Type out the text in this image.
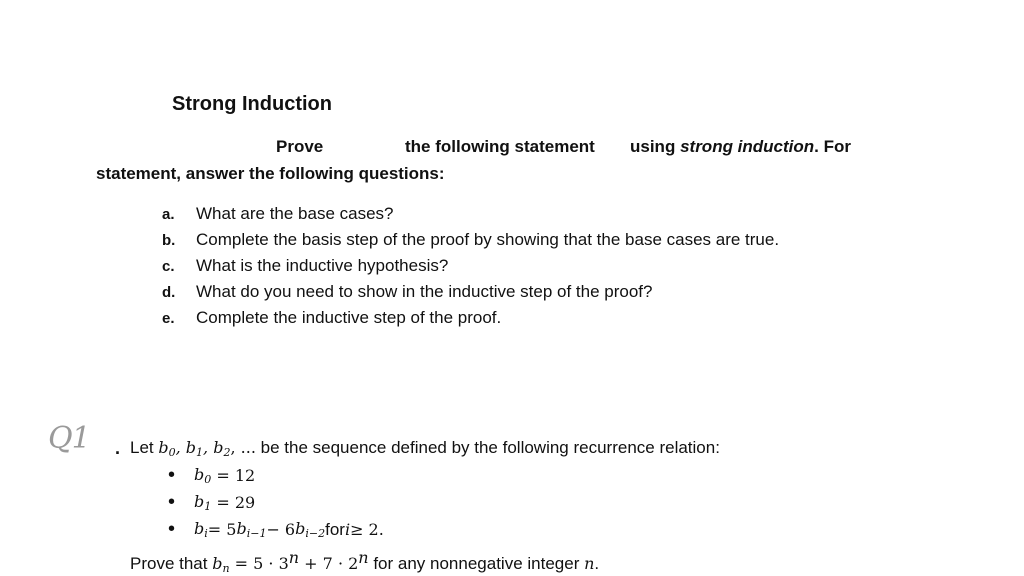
Strong Induction
Prove	the following statement using strong induction. For
statement, answer the following questions:
a.	What are the base cases?
b.	Complete the basis step of the proof by showing that the base cases are true.
c.	What is the inductive hypothesis?
d.	What do you need to show in the inductive step of the proof?
e.	Complete the inductive step of the proof.
Q1 . Let $b_0$, $b_1$, $b_2$, ... be the sequence defined by the following recurrence relation:
•	$b_0 = 12$
•	$b_1 = 29$
•	$b_i = 5$ $b_{i-1} - 6$ $b_{i-2}$ for i ≥ 2.
Prove that $b_n = 5 \cdot 3^n + 7 \cdot 2^n$ for any nonnegative integer n.
